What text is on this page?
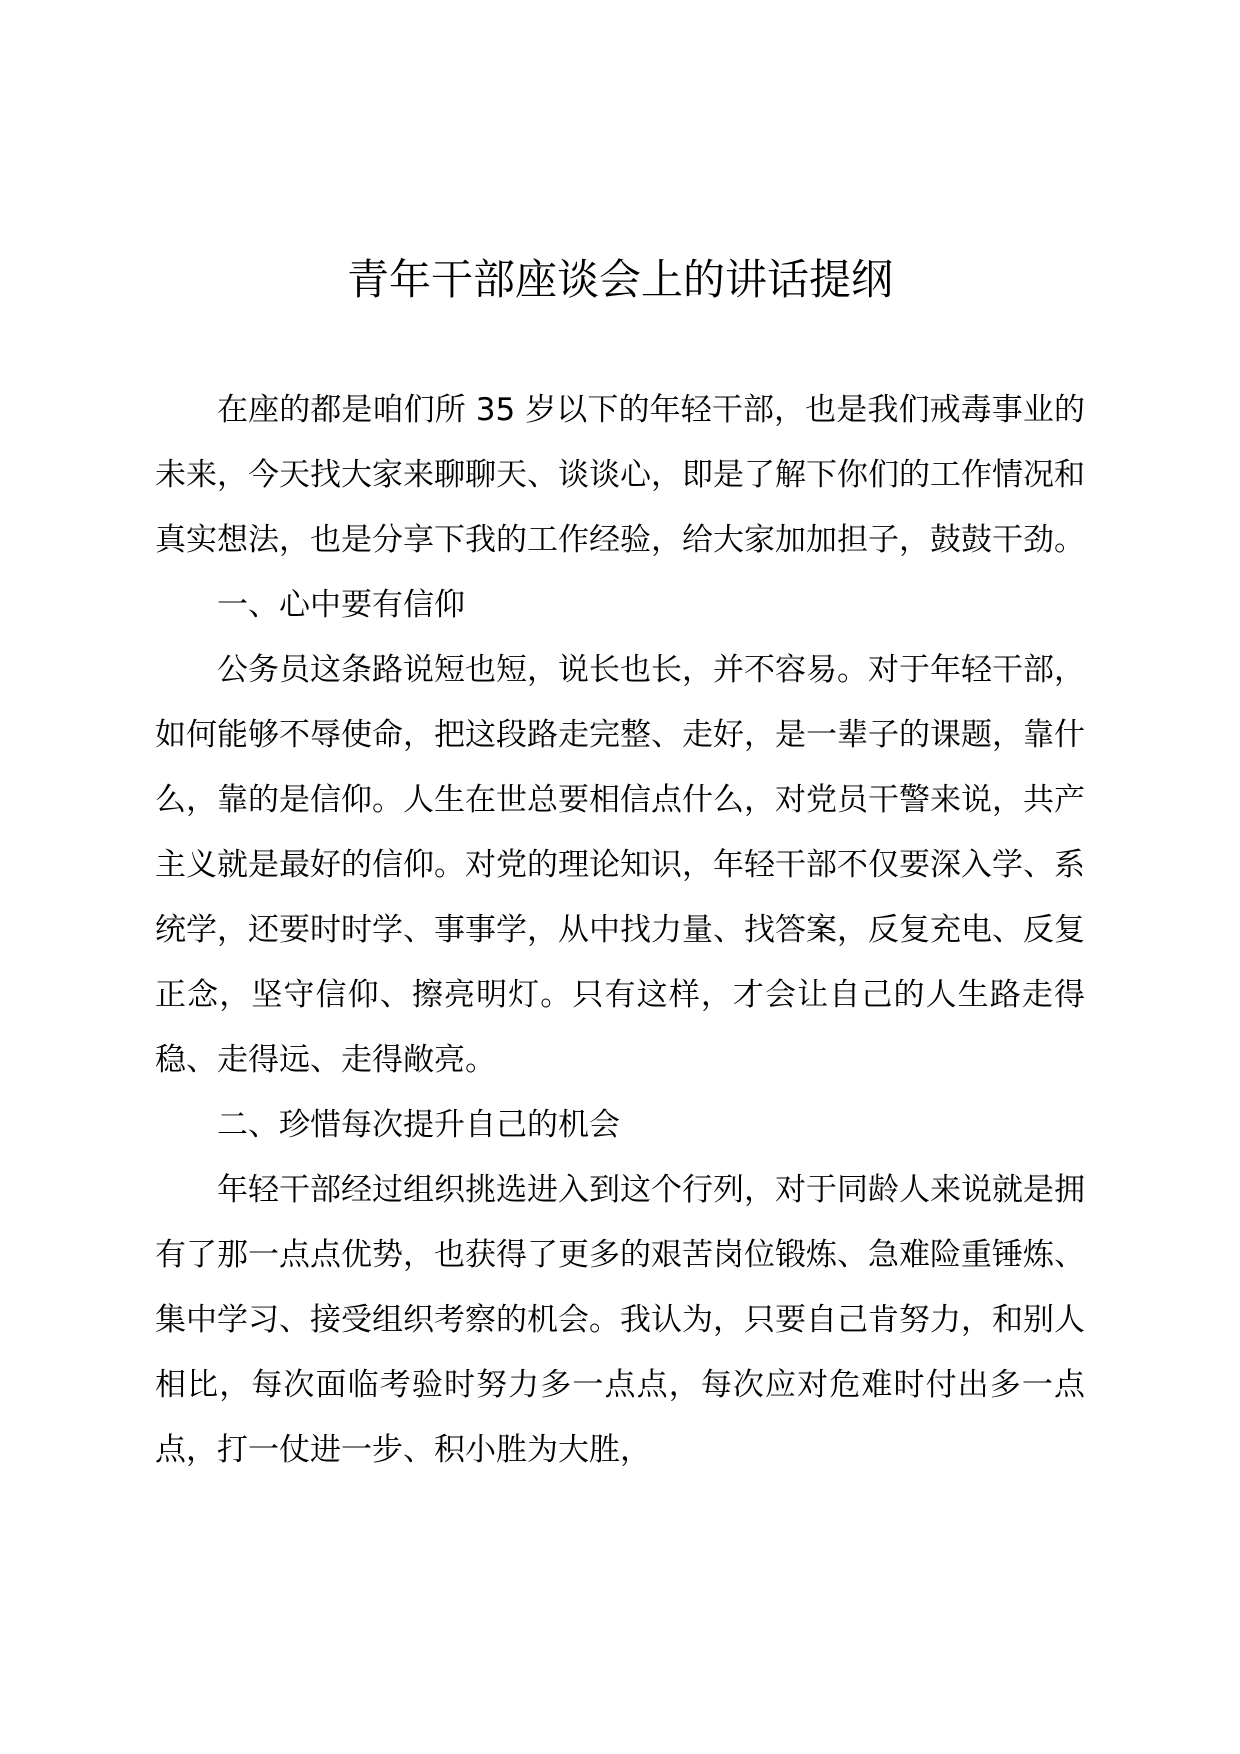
青年干部座谈会上的讲话提纲

在座的都是咱们所 35 岁以下的年轻干部，也是我们戒毒事业的未来，今天找大家来聊聊天、谈谈心，即是了解下你们的工作情况和真实想法，也是分享下我的工作经验，给大家加加担子，鼓鼓干劲。

一、心中要有信仰

公务员这条路说短也短，说长也长，并不容易。对于年轻干部，如何能够不辱使命，把这段路走完整、走好，是一辈子的课题，靠什么，靠的是信仰。人生在世总要相信点什么，对党员干警来说，共产主义就是最好的信仰。对党的理论知识，年轻干部不仅要深入学、系统学，还要时时学、事事学，从中找力量、找答案，反复充电、反复正念，坚守信仰、擦亮明灯。只有这样，才会让自己的人生路走得稳、走得远、走得敞亮。

二、珍惜每次提升自己的机会

年轻干部经过组织挑选进入到这个行列，对于同龄人来说就是拥有了那一点点优势，也获得了更多的艰苦岗位锻炼、急难险重锤炼、集中学习、接受组织考察的机会。我认为，只要自己肯努力，和别人相比，每次面临考验时努力多一点点，每次应对危难时付出多一点点，打一仗进一步、积小胜为大胜，
